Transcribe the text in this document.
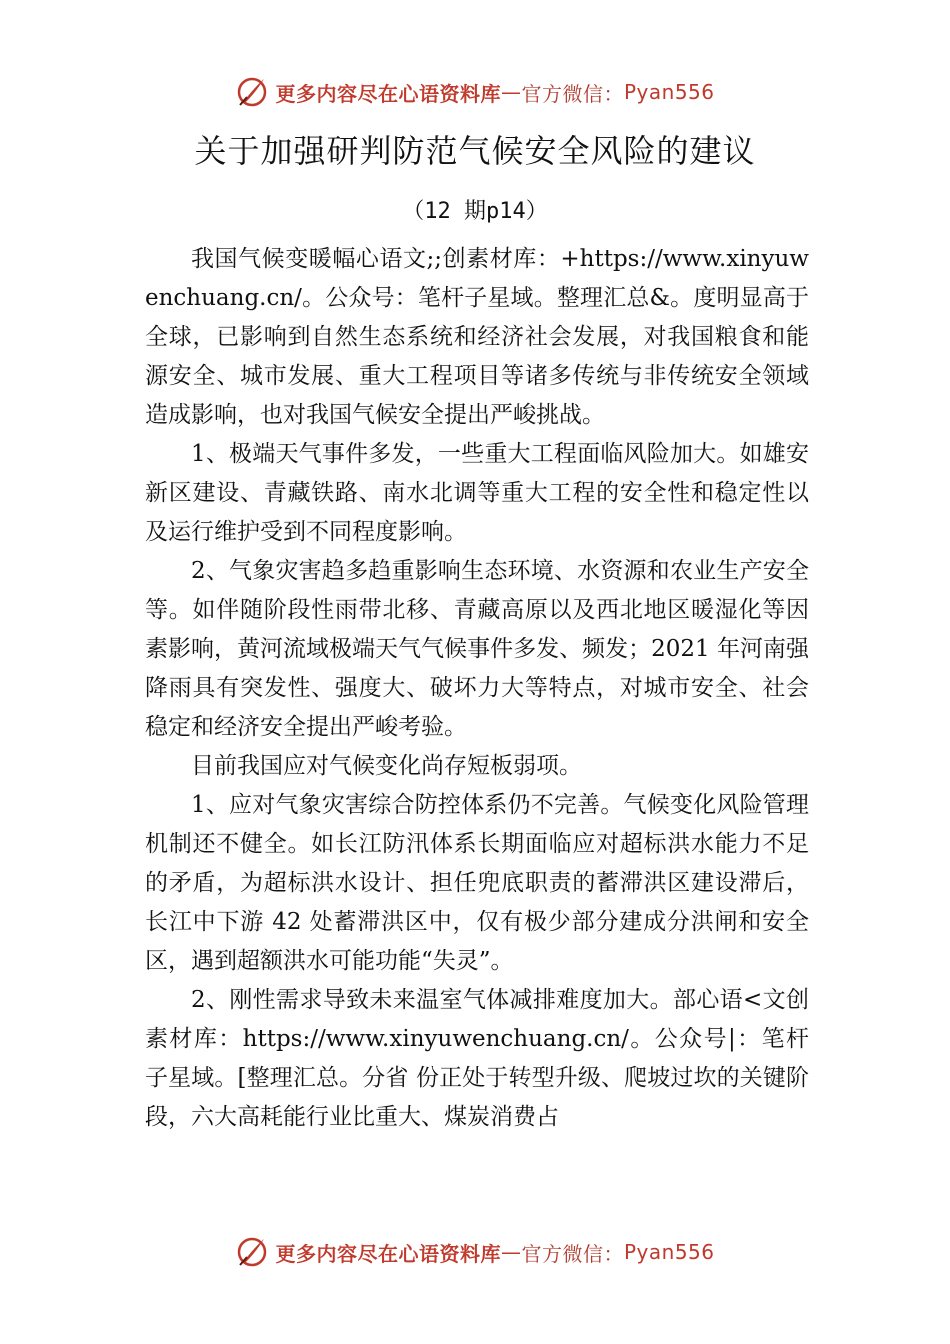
更多内容尽在心语资料库 — 官方微信： Pyan556
关于加强研判防范气候安全风险的建议
（12 期p14）

我国气候变暖幅心语文;;创素材库：+https://www.xinyuwenchuang.cn/。公众号：笔杆子星域。整理汇总&。度明显高于全球，已影响到自然生态系统和经济社会发展，对我国粮食和能源安全、城市发展、重大工程项目等诸多传统与非传统安全领域造成影响，也对我国气候安全提出严峻挑战。

1、极端天气事件多发，一些重大工程面临风险加大。如雄安新区建设、青藏铁路、南水北调等重大工程的安全性和稳定性以及运行维护受到不同程度影响。

2、气象灾害趋多趋重影响生态环境、水资源和农业生产安全等。如伴随阶段性雨带北移、青藏高原以及西北地区暖湿化等因素影响，黄河流域极端天气气候事件多发、频发；2021 年河南强降雨具有突发性、强度大、破坏力大等特点，对城市安全、社会稳定和经济安全提出严峻考验。

目前我国应对气候变化尚存短板弱项。

1、应对气象灾害综合防控体系仍不完善。气候变化风险管理机制还不健全。如长江防汛体系长期面临应对超标洪水能力不足的矛盾，为超标洪水设计、担任兜底职责的蓄滞洪区建设滞后，长江中下游 42 处蓄滞洪区中，仅有极少部分建成分洪闸和安全区，遇到超额洪水可能功能“失灵”。

2、刚性需求导致未来温室气体减排难度加大。部心语<文创素材库：https://www.xinyuwenchuang.cn/。公众号|：笔杆子星域。[整理汇总。分省 份正处于转型升级、爬坡过坎的关键阶段，六大高耗能行业比重大、煤炭消费占

更多内容尽在心语资料库 — 官方微信： Pyan556
